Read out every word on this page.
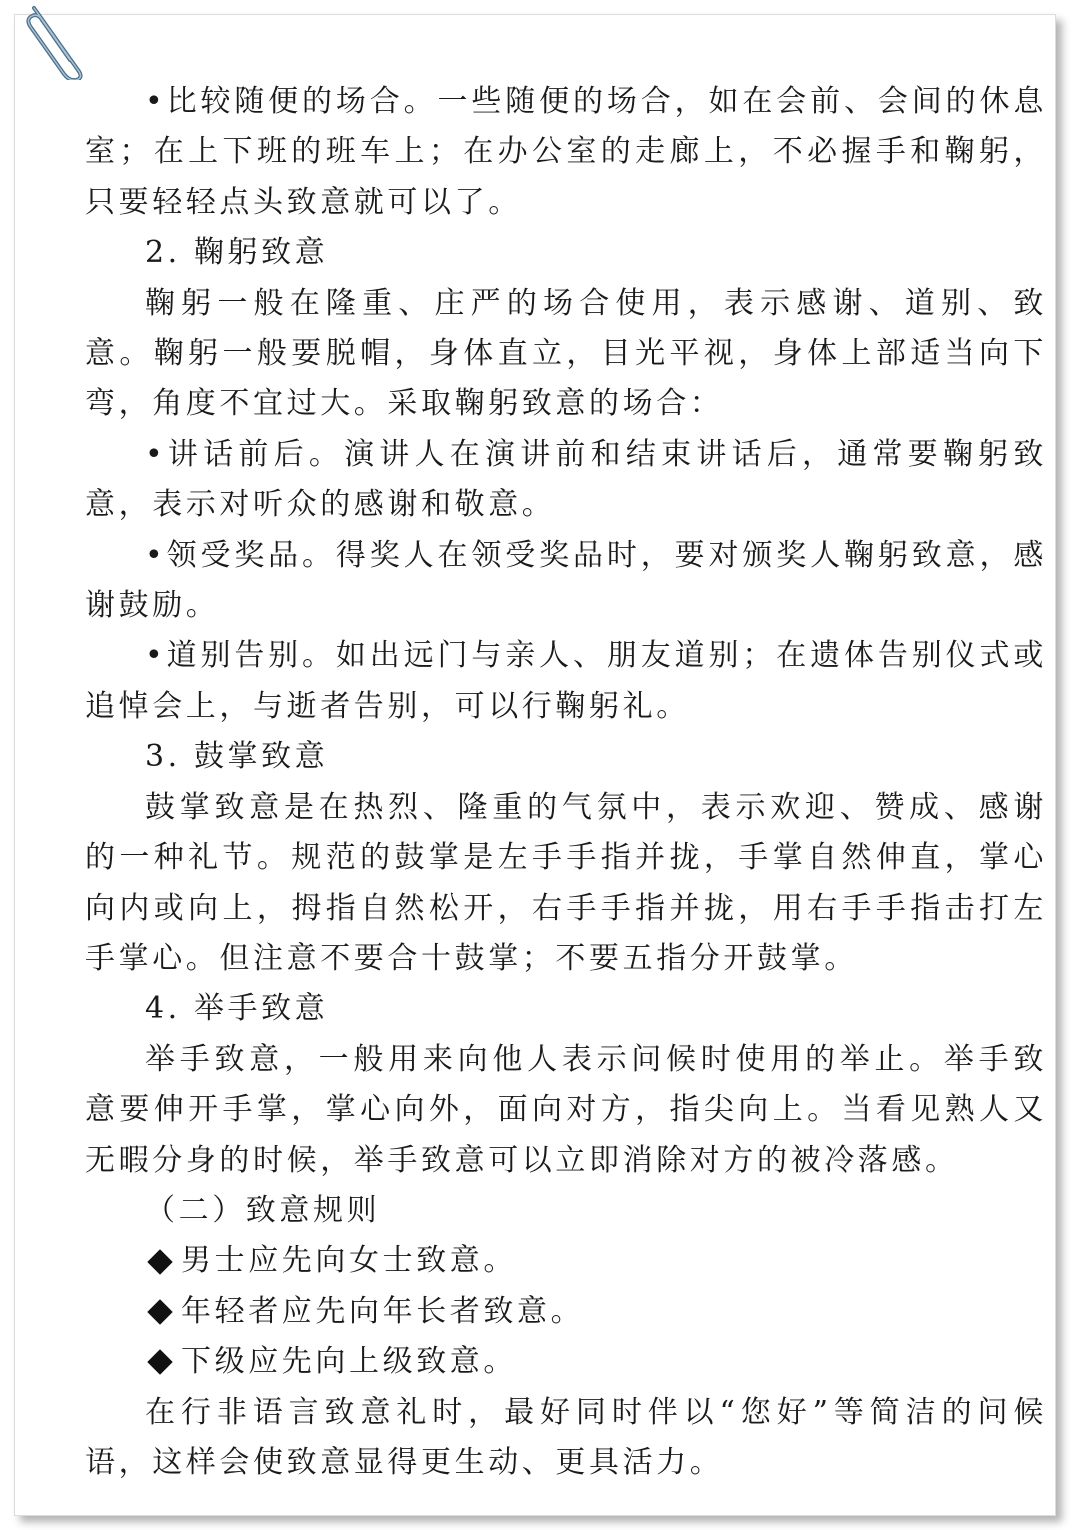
•比较随便的场合。一些随便的场合，如在会前、会间的休息室；在上下班的班车上；在办公室的走廊上，不必握手和鞠躬，只要轻轻点头致意就可以了。

2. 鞠躬致意

鞠躬一般在隆重、庄严的场合使用，表示感谢、道别、致意。鞠躬一般要脱帽，身体直立，目光平视，身体上部适当向下弯，角度不宜过大。采取鞠躬致意的场合：

•讲话前后。演讲人在演讲前和结束讲话后，通常要鞠躬致意，表示对听众的感谢和敬意。

•领受奖品。得奖人在领受奖品时，要对颁奖人鞠躬致意，感谢鼓励。

•道别告别。如出远门与亲人、朋友道别；在遗体告别仪式或追悼会上，与逝者告别，可以行鞠躬礼。

3. 鼓掌致意

鼓掌致意是在热烈、隆重的气氛中，表示欢迎、赞成、感谢的一种礼节。规范的鼓掌是左手手指并拢，手掌自然伸直，掌心向内或向上，拇指自然松开，右手手指并拢，用右手手指击打左手掌心。但注意不要合十鼓掌；不要五指分开鼓掌。

4. 举手致意

举手致意，一般用来向他人表示问候时使用的举止。举手致意要伸开手掌，掌心向外，面向对方，指尖向上。当看见熟人又无暇分身的时候，举手致意可以立即消除对方的被冷落感。

（二）致意规则

男士应先向女士致意。

年轻者应先向年长者致意。

下级应先向上级致意。

在行非语言致意礼时，最好同时伴以“您好”等简洁的问候语，这样会使致意显得更生动、更具活力。
